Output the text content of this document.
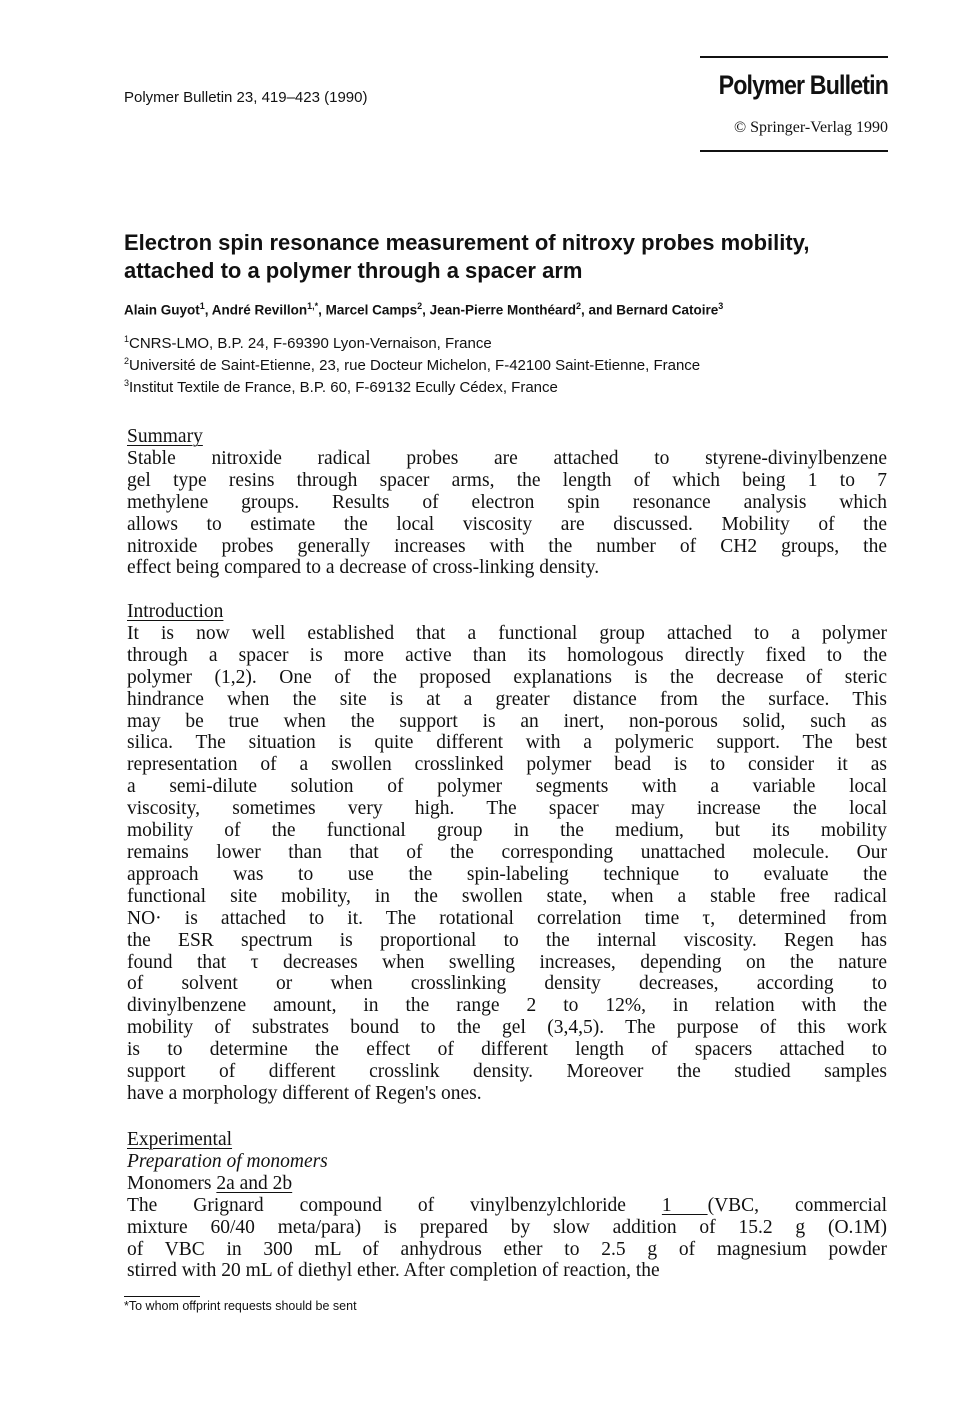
Polymer Bulletin 23, 419–423 (1990)	Polymer Bulletin
© Springer-Verlag 1990
Electron spin resonance measurement of nitroxy probes mobility,
attached to a polymer through a spacer arm
Alain Guyot$^1$, André Revillon$^{1,*}$, Marcel Camps$^2$, Jean-Pierre Monthéard$^2$, and Bernard Catoire$^3$
$^1$CNRS-LMO, B.P. 24, F-69390 Lyon-Vernaison, France
$^2$Université de Saint-Etienne, 23, rue Docteur Michelon, F-42100 Saint-Etienne, France
$^3$Institut Textile de France, B.P. 60, F-69132 Ecully Cédex, France
Summary
Stable nitroxide radical probes are attached to styrene-divinylbenzene
gel type resins through spacer arms, the length of which being 1 to 7
methylene groups. Results of electron spin resonance analysis which
allows to estimate the local viscosity are discussed. Mobility of the
nitroxide probes generally increases with the number of CH2 groups, the
effect being compared to a decrease of cross-linking density.
Introduction
It is now well established that a functional group attached to a polymer
through a spacer is more active than its homologous directly fixed to the
polymer (1,2). One of the proposed explanations is the decrease of steric
hindrance when the site is at a greater distance from the surface. This
may be true when the support is an inert, non-porous solid, such as
silica. The situation is quite different with a polymeric support. The best
representation of a swollen crosslinked polymer bead is to consider it as
a semi-dilute solution of polymer segments with a variable local
viscosity, sometimes very high. The spacer may increase the local
mobility of the functional group in the medium, but its mobility
remains lower than that of the corresponding unattached molecule. Our
approach was to use the spin-labeling technique to evaluate the
functional site mobility, in the swollen state, when a stable free radical
NO· is attached to it. The rotational correlation time τ, determined from
the ESR spectrum is proportional to the internal viscosity. Regen has
found that τ decreases when swelling increases, depending on the nature
of solvent or when crosslinking density decreases, according to
divinylbenzene amount, in the range 2 to 12%, in relation with the
mobility of substrates bound to the gel (3,4,5). The purpose of this work
is to determine the effect of different length of spacers attached to
support of different crosslink density. Moreover the studied samples
have a morphology different of Regen's ones.
Experimental
Preparation of monomers
Monomers 2a and 2b
The Grignard compound of vinylbenzylchloride 1 (VBC, commercial
mixture 60/40 meta/para) is prepared by slow addition of 15.2 g (O.1M)
of VBC in 300 mL of anhydrous ether to 2.5 g of magnesium powder
stirred with 20 mL of diethyl ether. After completion of reaction, the
*To whom offprint requests should be sent
